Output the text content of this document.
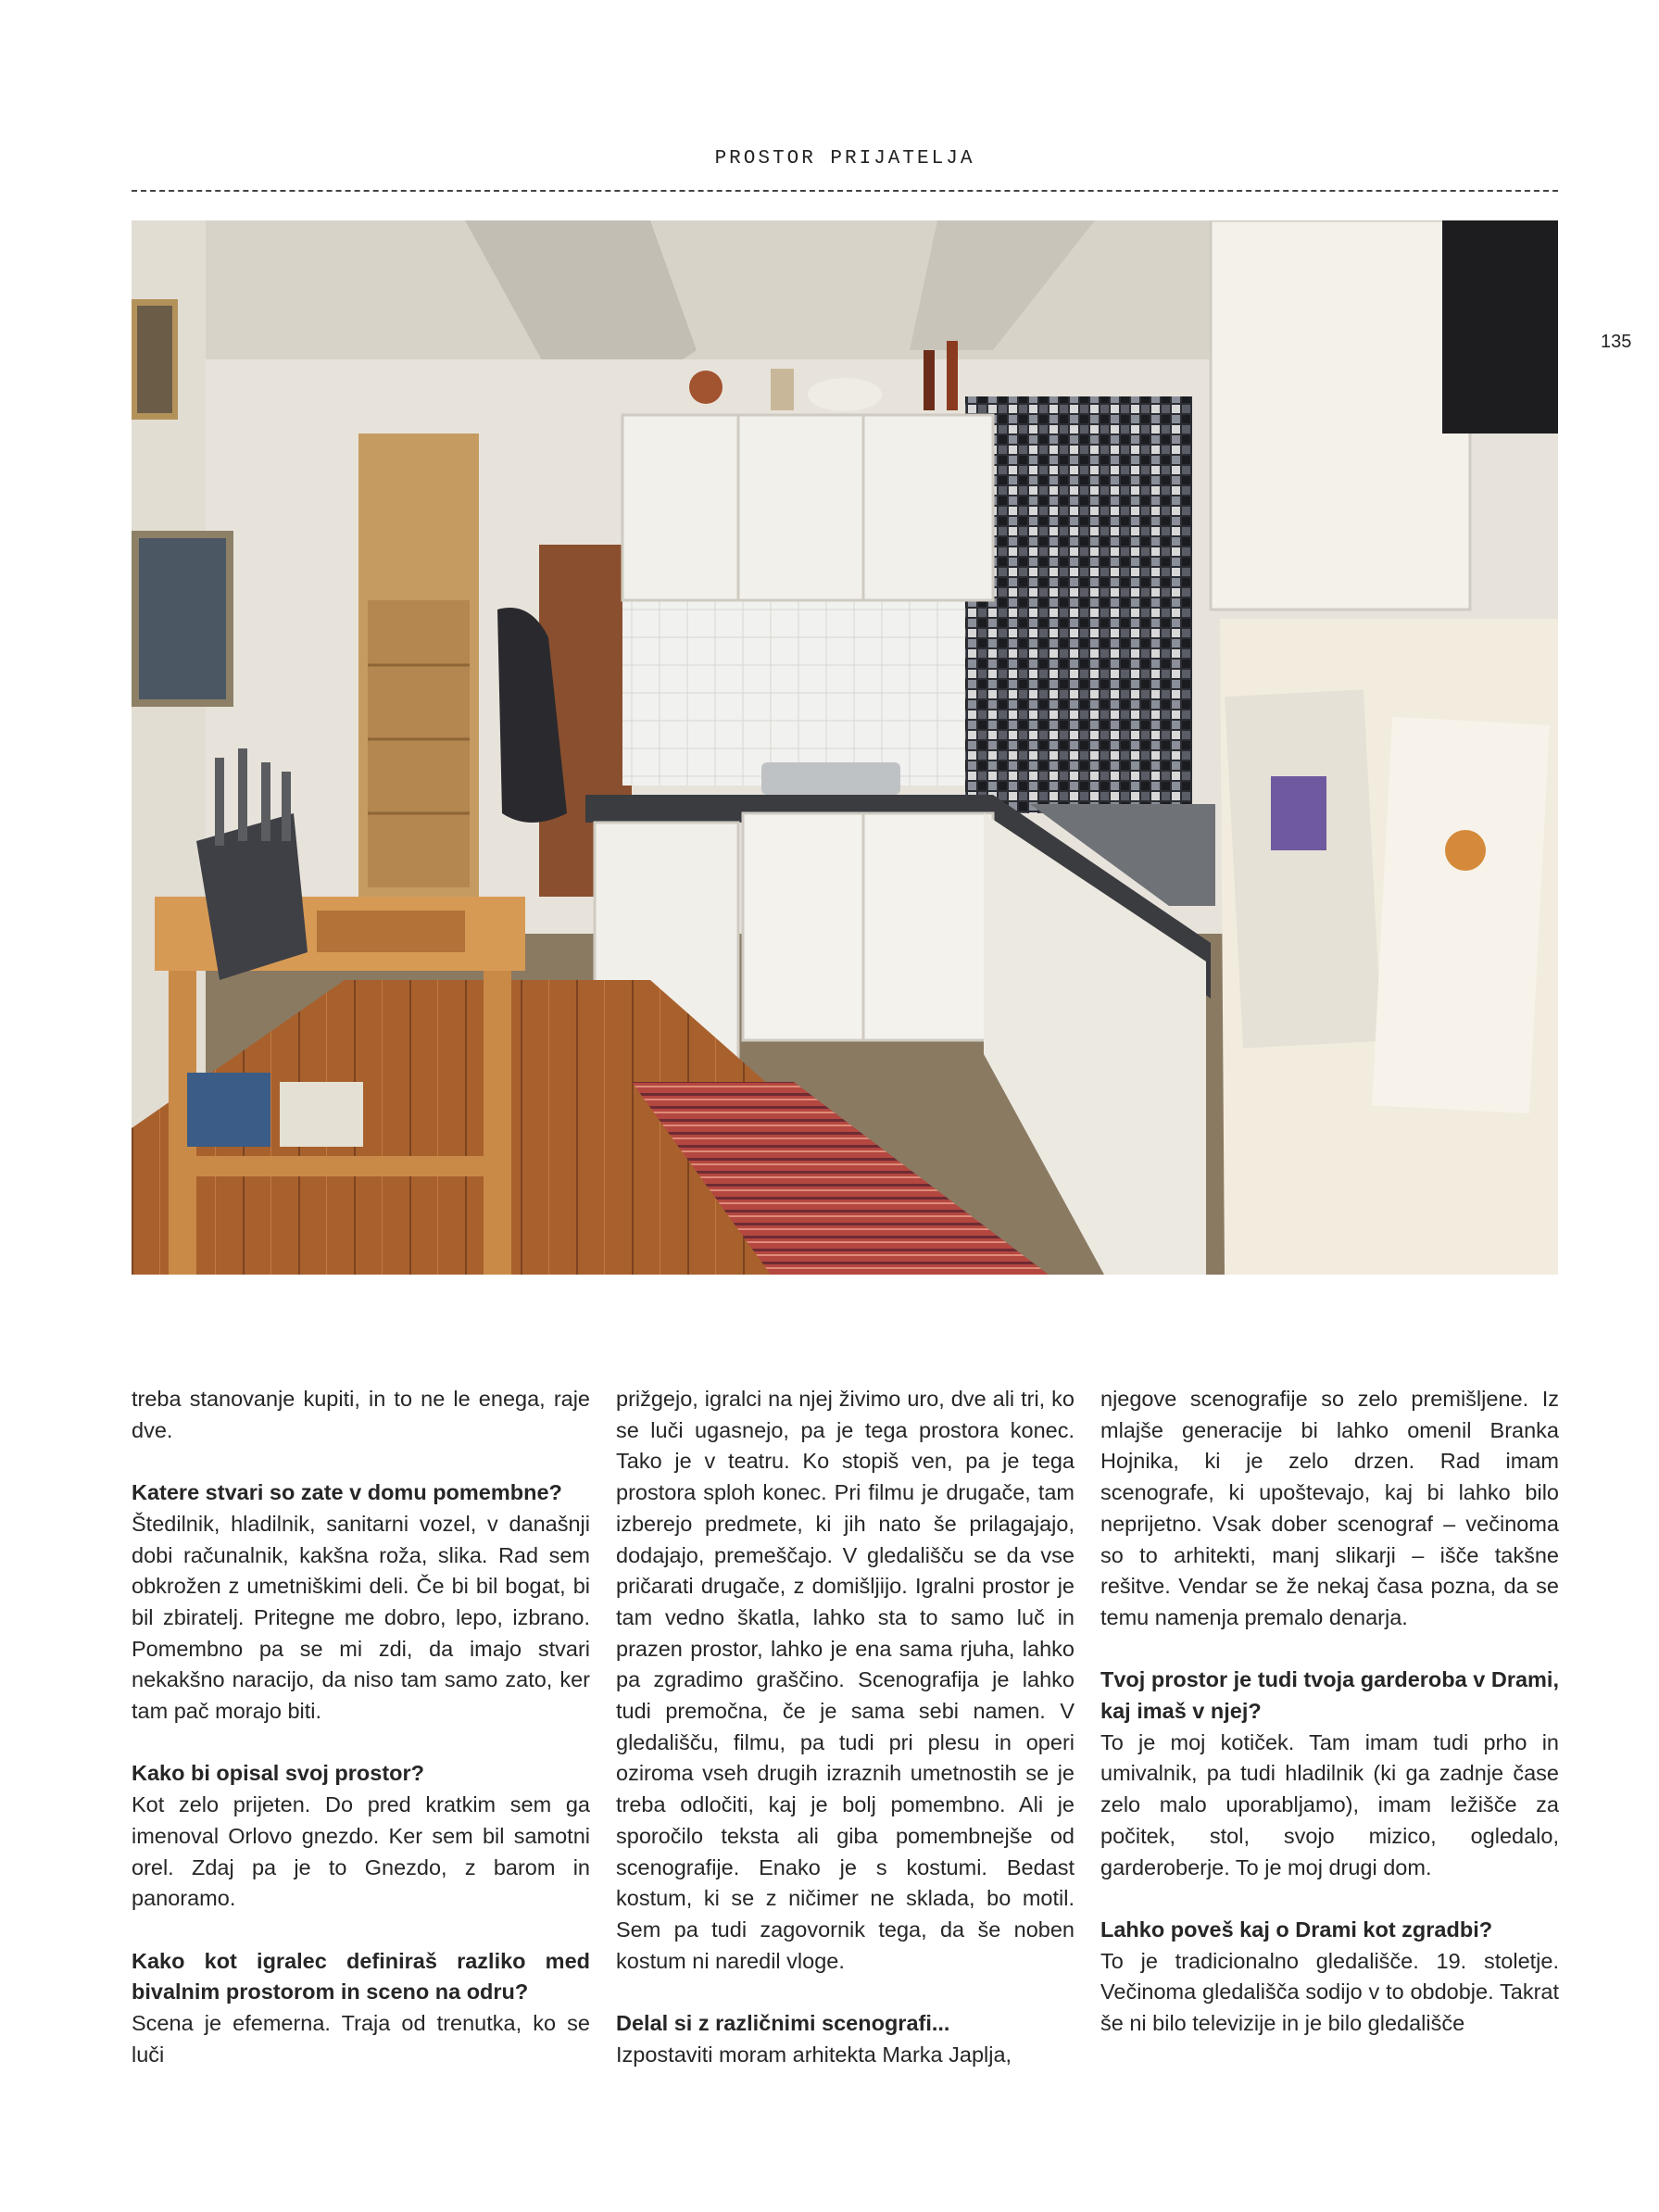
PROSTOR PRIJATELJA
135

treba stanovanje kupiti, in to ne le enega, raje dve.

Katere stvari so zate v domu pomembne?

Štedilnik, hladilnik, sanitarni vozel, v današnji dobi računalnik, kakšna roža, slika. Rad sem obkrožen z umetniškimi deli. Če bi bil bogat, bi bil zbiratelj. Pritegne me dobro, lepo, izbrano. Pomembno pa se mi zdi, da imajo stvari nekakšno naracijo, da niso tam samo zato, ker tam pač morajo biti.

Kako bi opisal svoj prostor?

Kot zelo prijeten. Do pred kratkim sem ga imenoval Orlovo gnezdo. Ker sem bil samotni orel. Zdaj pa je to Gnezdo, z barom in panoramo.

Kako kot igralec definiraš razliko med bivalnim prostorom in sceno na odru?

Scena je efemerna. Traja od trenutka, ko se luči

prižgejo, igralci na njej živimo uro, dve ali tri, ko se luči ugasnejo, pa je tega prostora konec. Tako je v teatru. Ko stopiš ven, pa je tega prostora sploh konec. Pri filmu je drugače, tam izberejo predmete, ki jih nato še prilagajajo, dodajajo, premeščajo. V gledališču se da vse pričarati drugače, z domišljijo. Igralni prostor je tam vedno škatla, lahko sta to samo luč in prazen prostor, lahko je ena sama rjuha, lahko pa zgradimo graščino. Scenografija je lahko tudi premočna, če je sama sebi namen. V gledališču, filmu, pa tudi pri plesu in operi oziroma vseh drugih izraznih umetnostih se je treba odločiti, kaj je bolj pomembno. Ali je sporočilo teksta ali giba pomembnejše od scenografije. Enako je s kostumi. Bedast kostum, ki se z ničimer ne sklada, bo motil. Sem pa tudi zagovornik tega, da še noben kostum ni naredil vloge.

Delal si z različnimi scenografi...

Izpostaviti moram arhitekta Marka Japlja,

njegove scenografije so zelo premišljene. Iz mlajše generacije bi lahko omenil Branka Hojnika, ki je zelo drzen. Rad imam scenografe, ki upoštevajo, kaj bi lahko bilo neprijetno. Vsak dober scenograf – večinoma so to arhitekti, manj slikarji – išče takšne rešitve. Vendar se že nekaj časa pozna, da se temu namenja premalo denarja.

Tvoj prostor je tudi tvoja garderoba v Drami, kaj imaš v njej?

To je moj kotiček. Tam imam tudi prho in umivalnik, pa tudi hladilnik (ki ga zadnje čase zelo malo uporabljamo), imam ležišče za počitek, stol, svojo mizico, ogledalo, garderoberje. To je moj drugi dom.

Lahko poveš kaj o Drami kot zgradbi?

To je tradicionalno gledališče. 19. stoletje. Večinoma gledališča sodijo v to obdobje. Takrat še ni bilo televizije in je bilo gledališče
